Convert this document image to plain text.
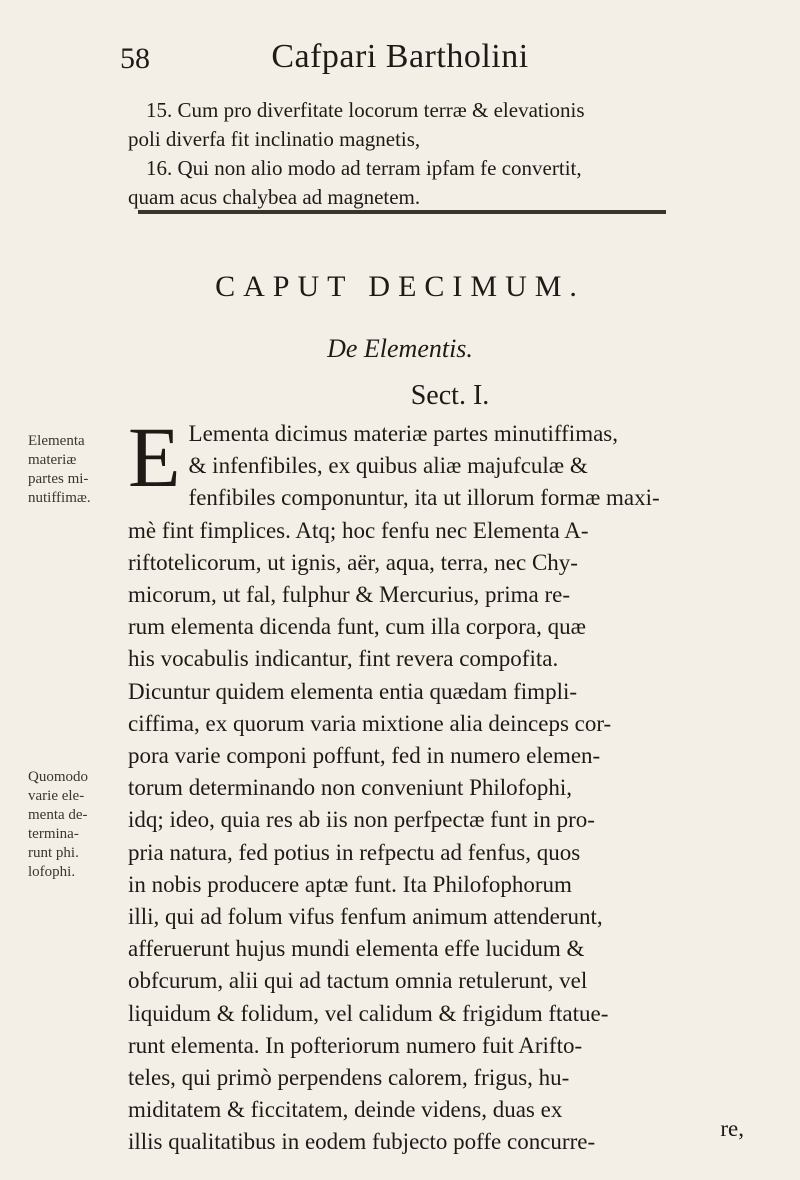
58	Cafpari Bartholini

15. Cum pro diverfitate locorum terræ & elevationis

poli diverfa fit inclinatio magnetis,

16. Qui non alio modo ad terram ipfam fe convertit,

quam acus chalybea ad magnetem.

CAPUT DECIMUM.
De Elementis.
Sect. I.

Elementa

materiæ

partes mi-

nutiffimæ.

Quomodo

varie ele-

menta de-

termina-

runt phi.

lofophi.

E Lementa dicimus materiæ partes minutiffimas,
& infenfibiles, ex quibus aliæ majufculæ &
fenfibiles componuntur, ita ut illorum formæ maxi-
mè fint fimplices. Atq; hoc fenfu nec Elementa A-
riftotelicorum, ut ignis, aër, aqua, terra, nec Chy-
micorum, ut fal, fulphur & Mercurius, prima re-
rum elementa dicenda funt, cum illa corpora, quæ
his vocabulis indicantur, fint revera compofita.
Dicuntur quidem elementa entia quædam fimpli-
ciffima, ex quorum varia mixtione alia deinceps cor-
pora varie componi poffunt, fed in numero elemen-
torum determinando non conveniunt Philofophi,
idq; ideo, quia res ab iis non perfpectæ funt in pro-
pria natura, fed potius in refpectu ad fenfus, quos
in nobis producere aptæ funt. Ita Philofophorum
illi, qui ad folum vifus fenfum animum attenderunt,
afferuerunt hujus mundi elementa effe lucidum &
obfcurum, alii qui ad tactum omnia retulerunt, vel
liquidum & folidum, vel calidum & frigidum ftatue-
runt elementa. In pofteriorum numero fuit Arifto-
teles, qui primò perpendens calorem, frigus, hu-
miditatem & ficcitatem, deinde videns, duas ex
illis qualitatibus in eodem fubjecto poffe concurre-
re,
